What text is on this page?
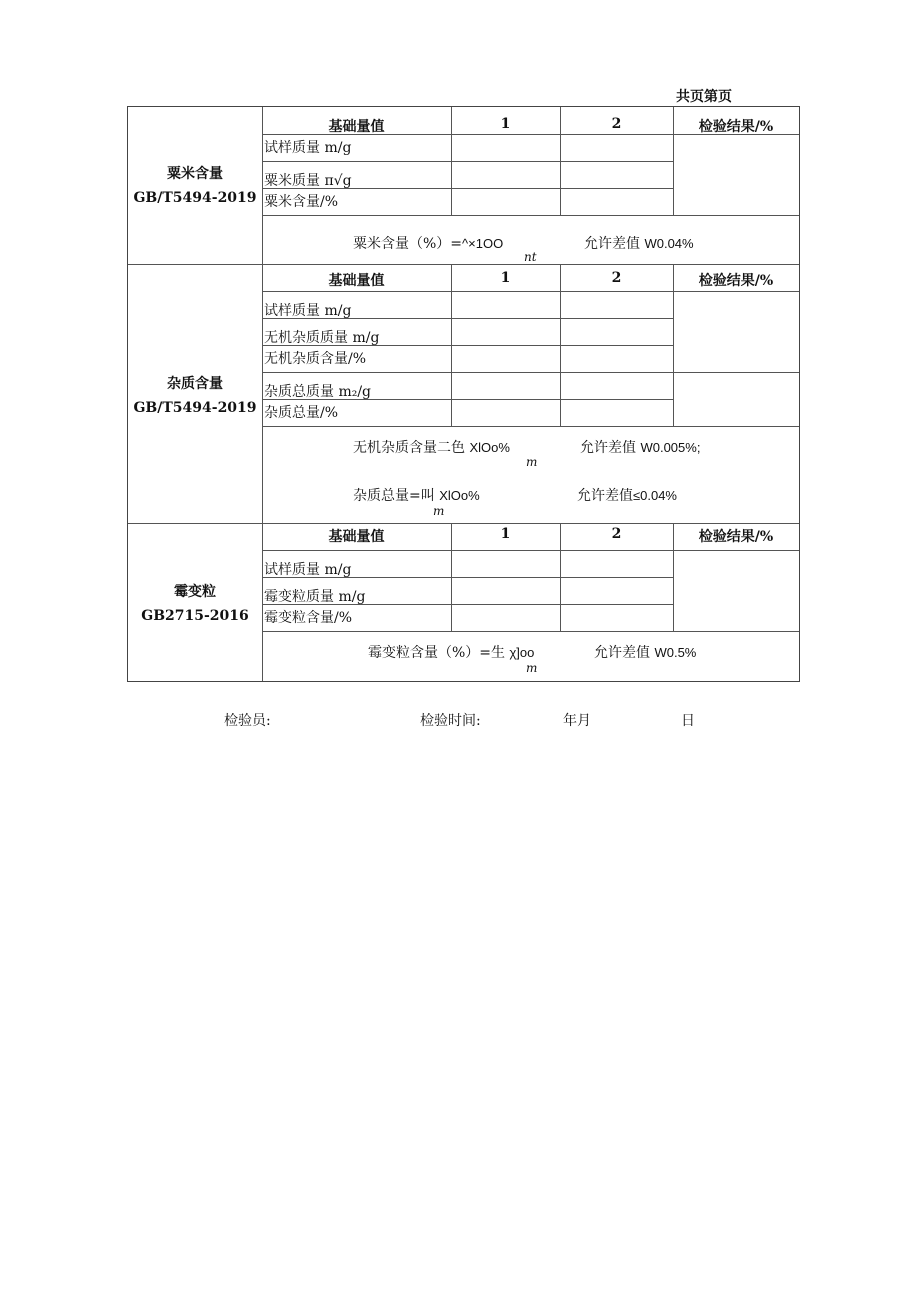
共页第页
粟米含量
GB/T5494-2019
基础量值	1	2	检验结果/%
试样质量 m/g
粟米质量 π√g
粟米含量/%
粟米含量（%）=^×1OO
nt
允许差值 W0.04%
杂质含量
GB/T5494-2019
基础量值	1	2	检验结果/%
试样质量 m/g
无机杂质质量 m/g
无机杂质含量/%
杂质总质量 m₂/g
杂质总量/%
无机杂质含量二色 XlOo%
m
允许差值 W0.005%;
杂质总量=叫 XlOo%
m
允许差值≤0.04%
霉变粒
GB2715-2016
基础量值	1	2	检验结果/%
试样质量 m/g
霉变粒质量 m/g
霉变粒含量/%
霉变粒含量（%）=生 χ]oo
m
允许差值 W0.5%
检验员:	检验时间:	年月	日
